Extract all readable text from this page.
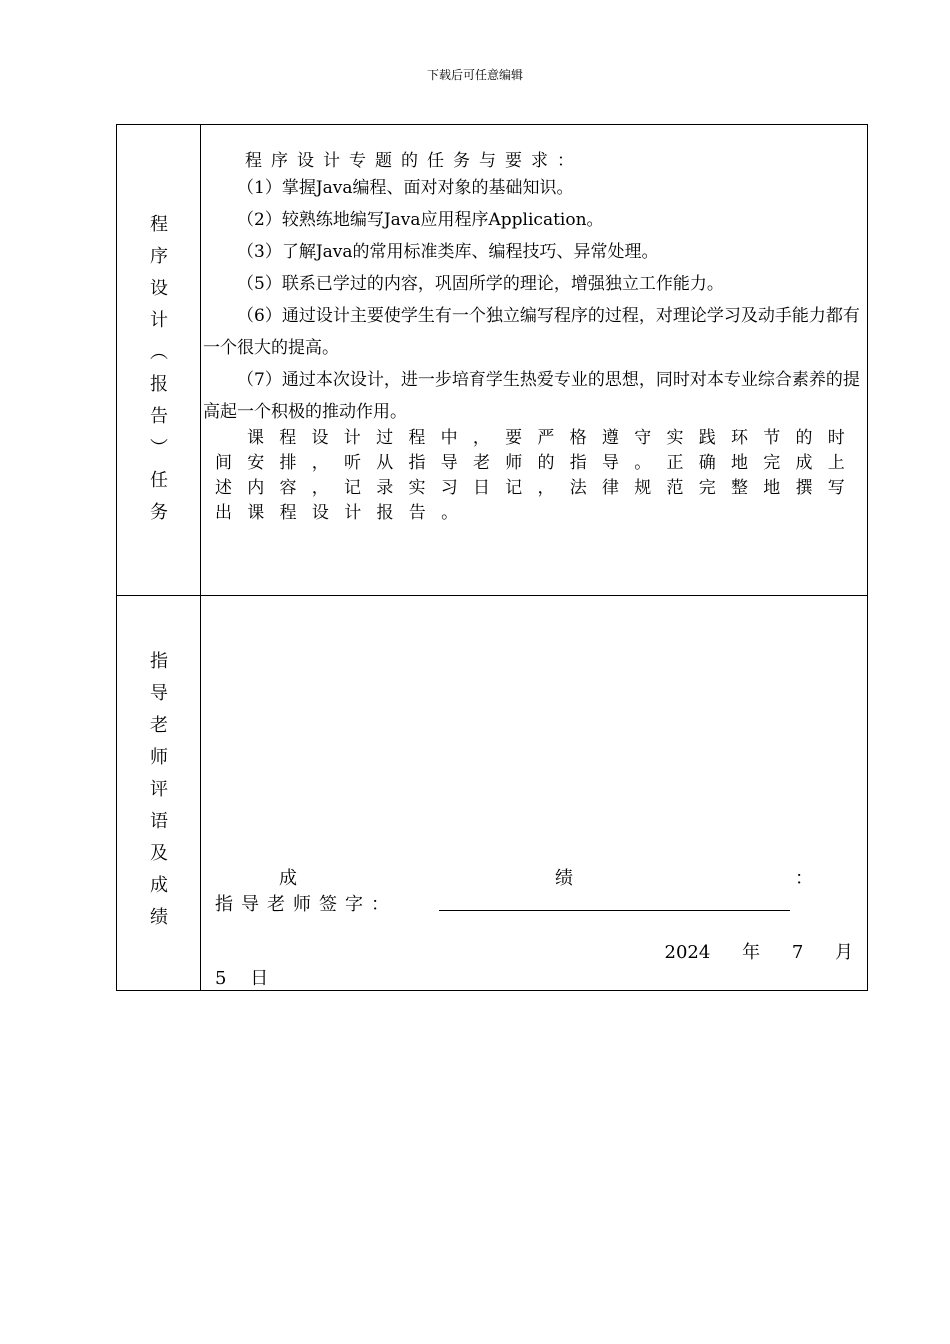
下载后可任意编辑
程
序
设
计
︵
报
告
︶
任
务
程序设计专题的任务与要求：
（1）掌握Java编程、面对对象的基础知识。
（2）较熟练地编写Java应用程序Application。
（3）了解Java的常用标准类库、编程技巧、异常处理。
（5）联系已学过的内容，巩固所学的理论，增强独立工作能力。
（6）通过设计主要使学生有一个独立编写程序的过程，对理论学习及动手能力都有一个很大的提高。
（7）通过本次设计，进一步培育学生热爱专业的思想，同时对本专业综合素养的提高起一个积极的推动作用。
课 程 设 计 过 程 中 ， 要 严 格 遵 守 实 践 环 节 的 时
间 安 排 ， 听 从 指 导 老 师 的 指 导 。 正 确 地 完 成 上
述 内 容 ， 记 录 实 习 日 记 ， 法 律 规 范 完 整 地 撰 写
出 课 程 设 计 报 告 。
指
导
老
师
评
语
及
成
绩
成	绩	：
指导老师签字：
2024 年 7 月
5 日
